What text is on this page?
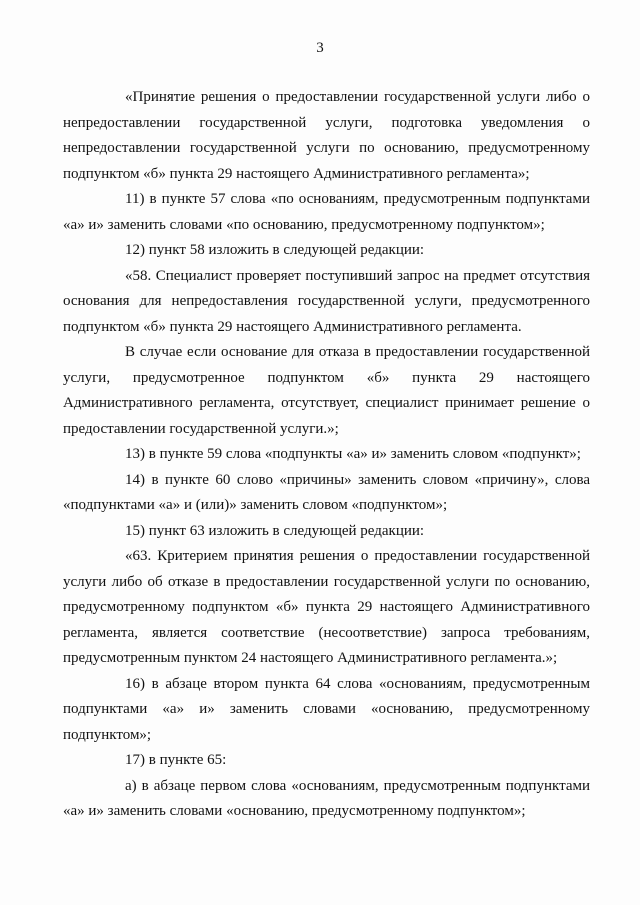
3

«Принятие решения о предоставлении государственной услуги либо о непредоставлении государственной услуги, подготовка уведомления о непредоставлении государственной услуги по основанию, предусмотренному подпунктом «б» пункта 29 настоящего Административного регламента»;

11) в пункте 57 слова «по основаниям, предусмотренным подпунктами «а» и» заменить словами «по основанию, предусмотренному подпунктом»;

12) пункт 58 изложить в следующей редакции:

«58. Специалист проверяет поступивший запрос на предмет отсутствия основания для непредоставления государственной услуги, предусмотренного подпунктом «б» пункта 29 настоящего Административного регламента.

В случае если основание для отказа в предоставлении государственной услуги, предусмотренное подпунктом «б» пункта 29 настоящего Административного регламента, отсутствует, специалист принимает решение о предоставлении государственной услуги.»;

13) в пункте 59 слова «подпункты «а» и» заменить словом «подпункт»;

14) в пункте 60 слово «причины» заменить словом «причину», слова «подпунктами «а» и (или)» заменить словом «подпунктом»;

15) пункт 63 изложить в следующей редакции:

«63. Критерием принятия решения о предоставлении государственной услуги либо об отказе в предоставлении государственной услуги по основанию, предусмотренному подпунктом «б» пункта 29 настоящего Административного регламента, является соответствие (несоответствие) запроса требованиям, предусмотренным пунктом 24 настоящего Административного регламента.»;

16) в абзаце втором пункта 64 слова «основаниям, предусмотренным подпунктами «а» и» заменить словами «основанию, предусмотренному подпунктом»;

17) в пункте 65:

а) в абзаце первом слова «основаниям, предусмотренным подпунктами «а» и» заменить словами «основанию, предусмотренному подпунктом»;
